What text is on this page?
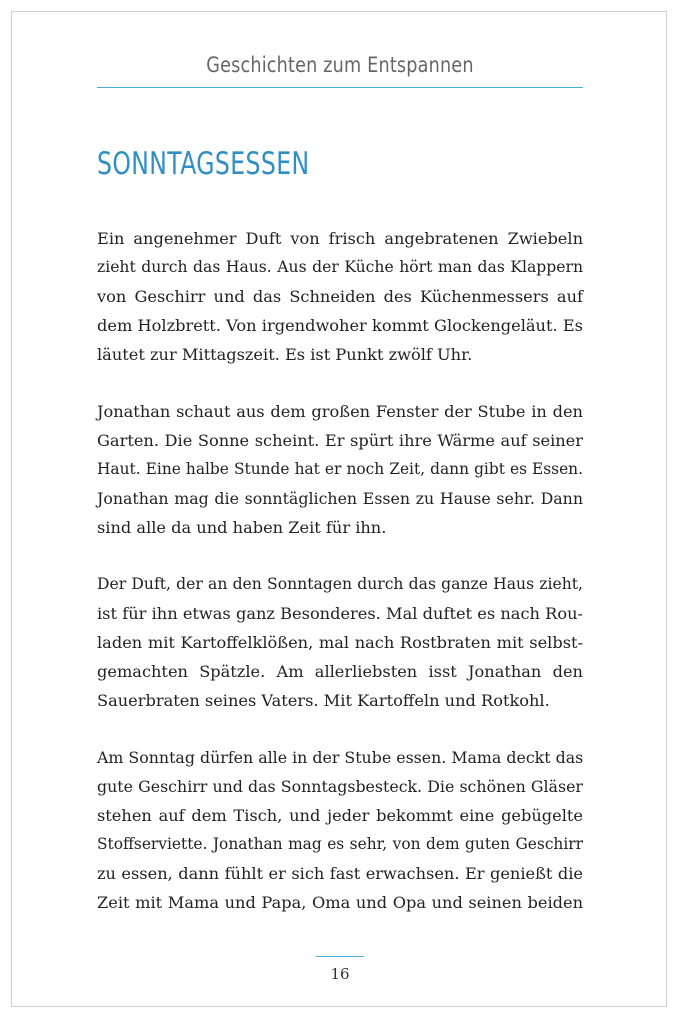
Geschichten zum Entspannen
SONNTAGSESSEN
Ein angenehmer Duft von frisch angebratenen Zwiebeln
zieht durch das Haus. Aus der Küche hört man das Klappern
von Geschirr und das Schneiden des Küchenmessers auf
dem Holzbrett. Von irgendwoher kommt Glockengeläut. Es
läutet zur Mittagszeit. Es ist Punkt zwölf Uhr.
Jonathan schaut aus dem großen Fenster der Stube in den
Garten. Die Sonne scheint. Er spürt ihre Wärme auf seiner
Haut. Eine halbe Stunde hat er noch Zeit, dann gibt es Essen.
Jonathan mag die sonntäglichen Essen zu Hause sehr. Dann
sind alle da und haben Zeit für ihn.
Der Duft, der an den Sonntagen durch das ganze Haus zieht,
ist für ihn etwas ganz Besonderes. Mal duftet es nach Rou-
laden mit Kartoffelklößen, mal nach Rostbraten mit selbst-
gemachten Spätzle. Am allerliebsten isst Jonathan den
Sauerbraten seines Vaters. Mit Kartoffeln und Rotkohl.
Am Sonntag dürfen alle in der Stube essen. Mama deckt das
gute Geschirr und das Sonntagsbesteck. Die schönen Gläser
stehen auf dem Tisch, und jeder bekommt eine gebügelte
Stoffserviette. Jonathan mag es sehr, von dem guten Geschirr
zu essen, dann fühlt er sich fast erwachsen. Er genießt die
Zeit mit Mama und Papa, Oma und Opa und seinen beiden
16
